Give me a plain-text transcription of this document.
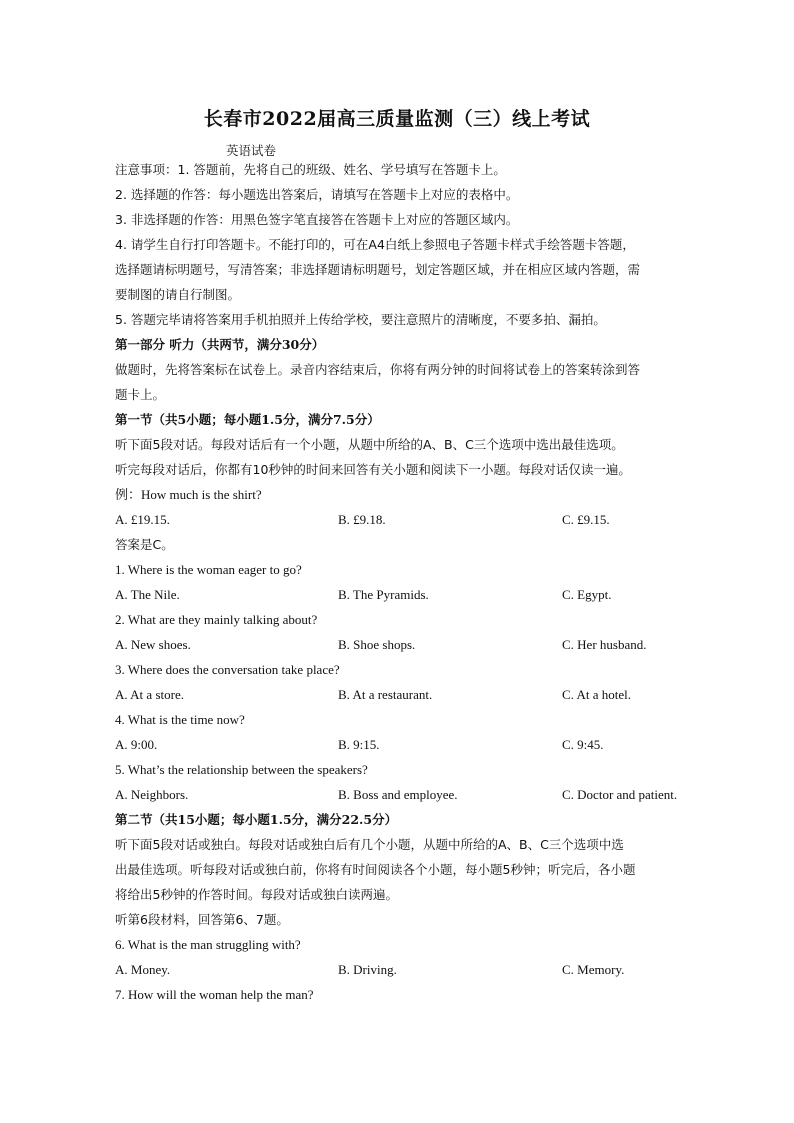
长春市2022届高三质量监测（三）线上考试
英语试卷
注意事项：1. 答题前，先将自己的班级、姓名、学号填写在答题卡上。
2. 选择题的作答：每小题选出答案后，请填写在答题卡上对应的表格中。
3. 非选择题的作答：用黑色签字笔直接答在答题卡上对应的答题区域内。
4. 请学生自行打印答题卡。不能打印的，可在A4白纸上参照电子答题卡样式手绘答题卡答题，
选择题请标明题号，写清答案；非选择题请标明题号，划定答题区域，并在相应区域内答题，需
要制图的请自行制图。
5. 答题完毕请将答案用手机拍照并上传给学校，要注意照片的清晰度，不要多拍、漏拍。
第一部分 听力（共两节，满分30分）
做题时，先将答案标在试卷上。录音内容结束后，你将有两分钟的时间将试卷上的答案转涂到答
题卡上。
第一节（共5小题；每小题1.5分，满分7.5分）
听下面5段对话。每段对话后有一个小题，从题中所给的A、B、C三个选项中选出最佳选项。
听完每段对话后，你都有10秒钟的时间来回答有关小题和阅读下一小题。每段对话仅读一遍。
例：How much is the shirt?
A. £19.15.	B. £9.18.	C. £9.15.
答案是C。
1. Where is the woman eager to go?
A. The Nile.	B. The Pyramids.	C. Egypt.
2. What are they mainly talking about?
A. New shoes.	B. Shoe shops.	C. Her husband.
3. Where does the conversation take place?
A. At a store.	B. At a restaurant.	C. At a hotel.
4. What is the time now?
A. 9:00.	B. 9:15.	C. 9:45.
5. What’s the relationship between the speakers?
A. Neighbors.	B. Boss and employee.	C. Doctor and patient.
第二节（共15小题；每小题1.5分，满分22.5分）
听下面5段对话或独白。每段对话或独白后有几个小题，从题中所给的A、B、C三个选项中选
出最佳选项。听每段对话或独白前，你将有时间阅读各个小题，每小题5秒钟；听完后，各小题
将给出5秒钟的作答时间。每段对话或独白读两遍。
听第6段材料，回答第6、7题。
6. What is the man struggling with?
A. Money.	B. Driving.	C. Memory.
7. How will the woman help the man?
